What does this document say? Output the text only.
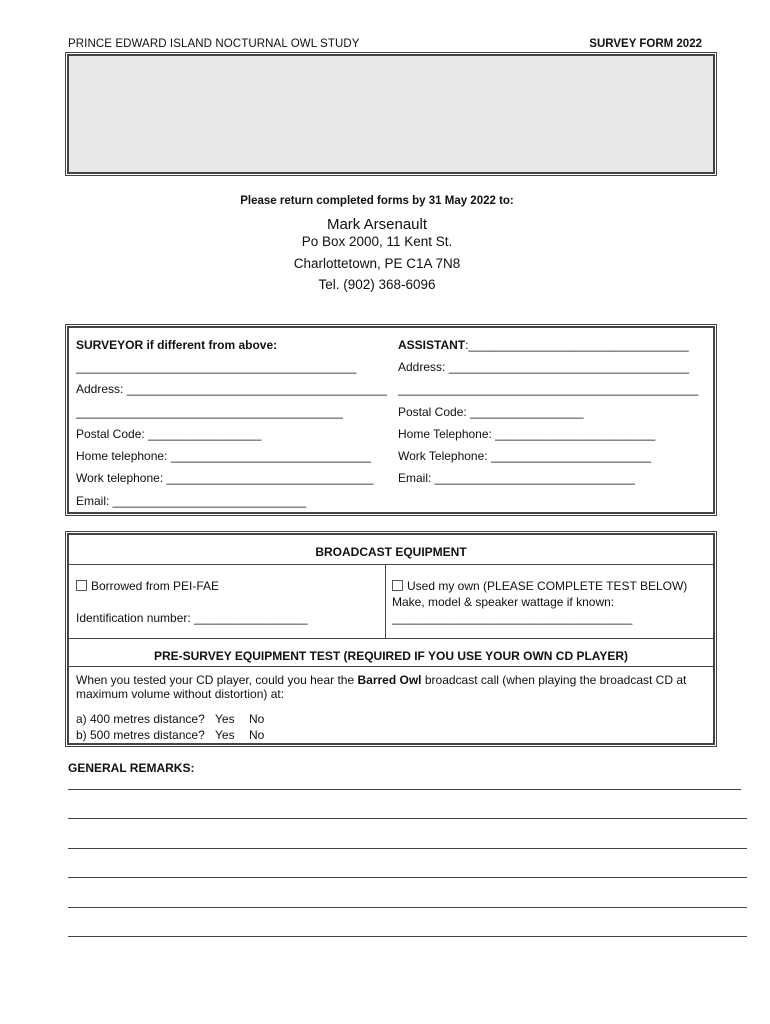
PRINCE EDWARD ISLAND NOCTURNAL OWL STUDY	SURVEY FORM 2022
Please return completed forms by 31 May 2022 to:
Mark Arsenault
Po Box 2000, 11 Kent St.
Charlottetown, PE C1A 7N8
Tel. (902) 368-6096
SURVEYOR if different from above:
__________________________________________
Address: _______________________________________
________________________________________
Postal Code: _________________
Home telephone: ______________________________
Work telephone: _______________________________
Email: _____________________________
ASSISTANT:_________________________________
Address: ____________________________________
_____________________________________________
Postal Code: _________________
Home Telephone: ________________________
Work Telephone: ________________________
Email: ______________________________
BROADCAST EQUIPMENT
Borrowed from PEI-FAE
Identification number: _________________
Used my own (PLEASE COMPLETE TEST BELOW)
Make, model & speaker wattage if known:
____________________________________
PRE-SURVEY EQUIPMENT TEST (REQUIRED IF YOU USE YOUR OWN CD PLAYER)
When you tested your CD player, could you hear the Barred Owl broadcast call (when playing the broadcast CD at maximum volume without distortion) at:
a) 400 metres distance? Yes No
b) 500 metres distance? Yes No
GENERAL REMARKS:
